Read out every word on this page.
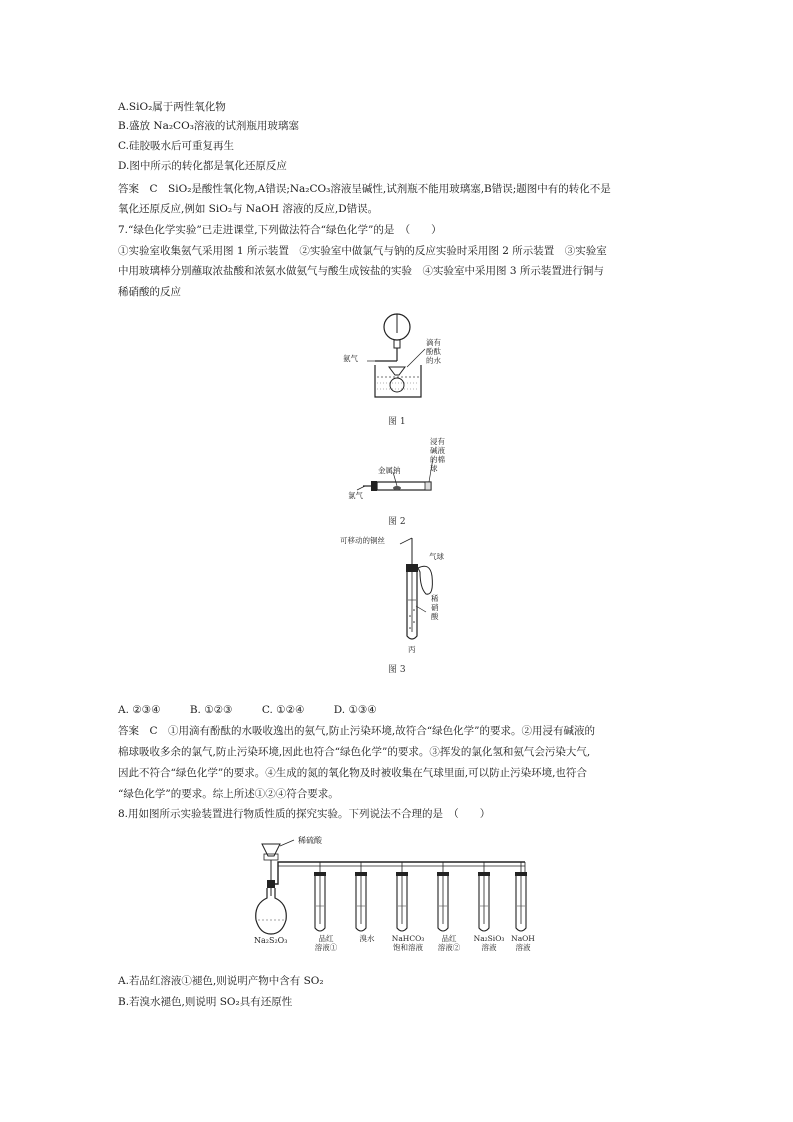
A.SiO₂属于两性氧化物
B.盛放 Na₂CO₃溶液的试剂瓶用玻璃塞
C.硅胶吸水后可重复再生
D.图中所示的转化都是氧化还原反应
答案　C　SiO₂是酸性氧化物,A错误;Na₂CO₃溶液呈碱性,试剂瓶不能用玻璃塞,B错误;题图中有的转化不是
氧化还原反应,例如 SiO₂与 NaOH 溶液的反应,D错误。
7.“绿色化学实验”已走进课堂,下列做法符合“绿色化学”的是　（　　）
①实验室收集氨气采用图 1 所示装置　②实验室中做氯气与钠的反应实验时采用图 2 所示装置　③实验室
中用玻璃棒分别蘸取浓盐酸和浓氨水做氨气与酸生成铵盐的实验　④实验室中采用图 3 所示装置进行铜与
稀硝酸的反应
氨气
滴有酚酞的水
图 1
金属钠
浸有碱液的棉球
氯气
图 2
可移动的铜丝
气球
稀硝酸
丙
图 3
A. ②③④	B. ①②③	C. ①②④	D. ①③④
答案　C　①用滴有酚酞的水吸收逸出的氨气,防止污染环境,故符合“绿色化学”的要求。②用浸有碱液的
棉球吸收多余的氯气,防止污染环境,因此也符合“绿色化学”的要求。③挥发的氯化氢和氨气会污染大气,
因此不符合“绿色化学”的要求。④生成的氮的氧化物及时被收集在气球里面,可以防止污染环境,也符合
“绿色化学”的要求。综上所述①②④符合要求。
8.用如图所示实验装置进行物质性质的探究实验。下列说法不合理的是　（　　）
稀硫酸
Na₂S₂O₃	品红
溶液①
溴水	NaHCO₃
饱和溶液
品红
溶液②
Na₂SiO₃
溶液
NaOH
溶液
A.若品红溶液①褪色,则说明产物中含有 SO₂
B.若溴水褪色,则说明 SO₂具有还原性
